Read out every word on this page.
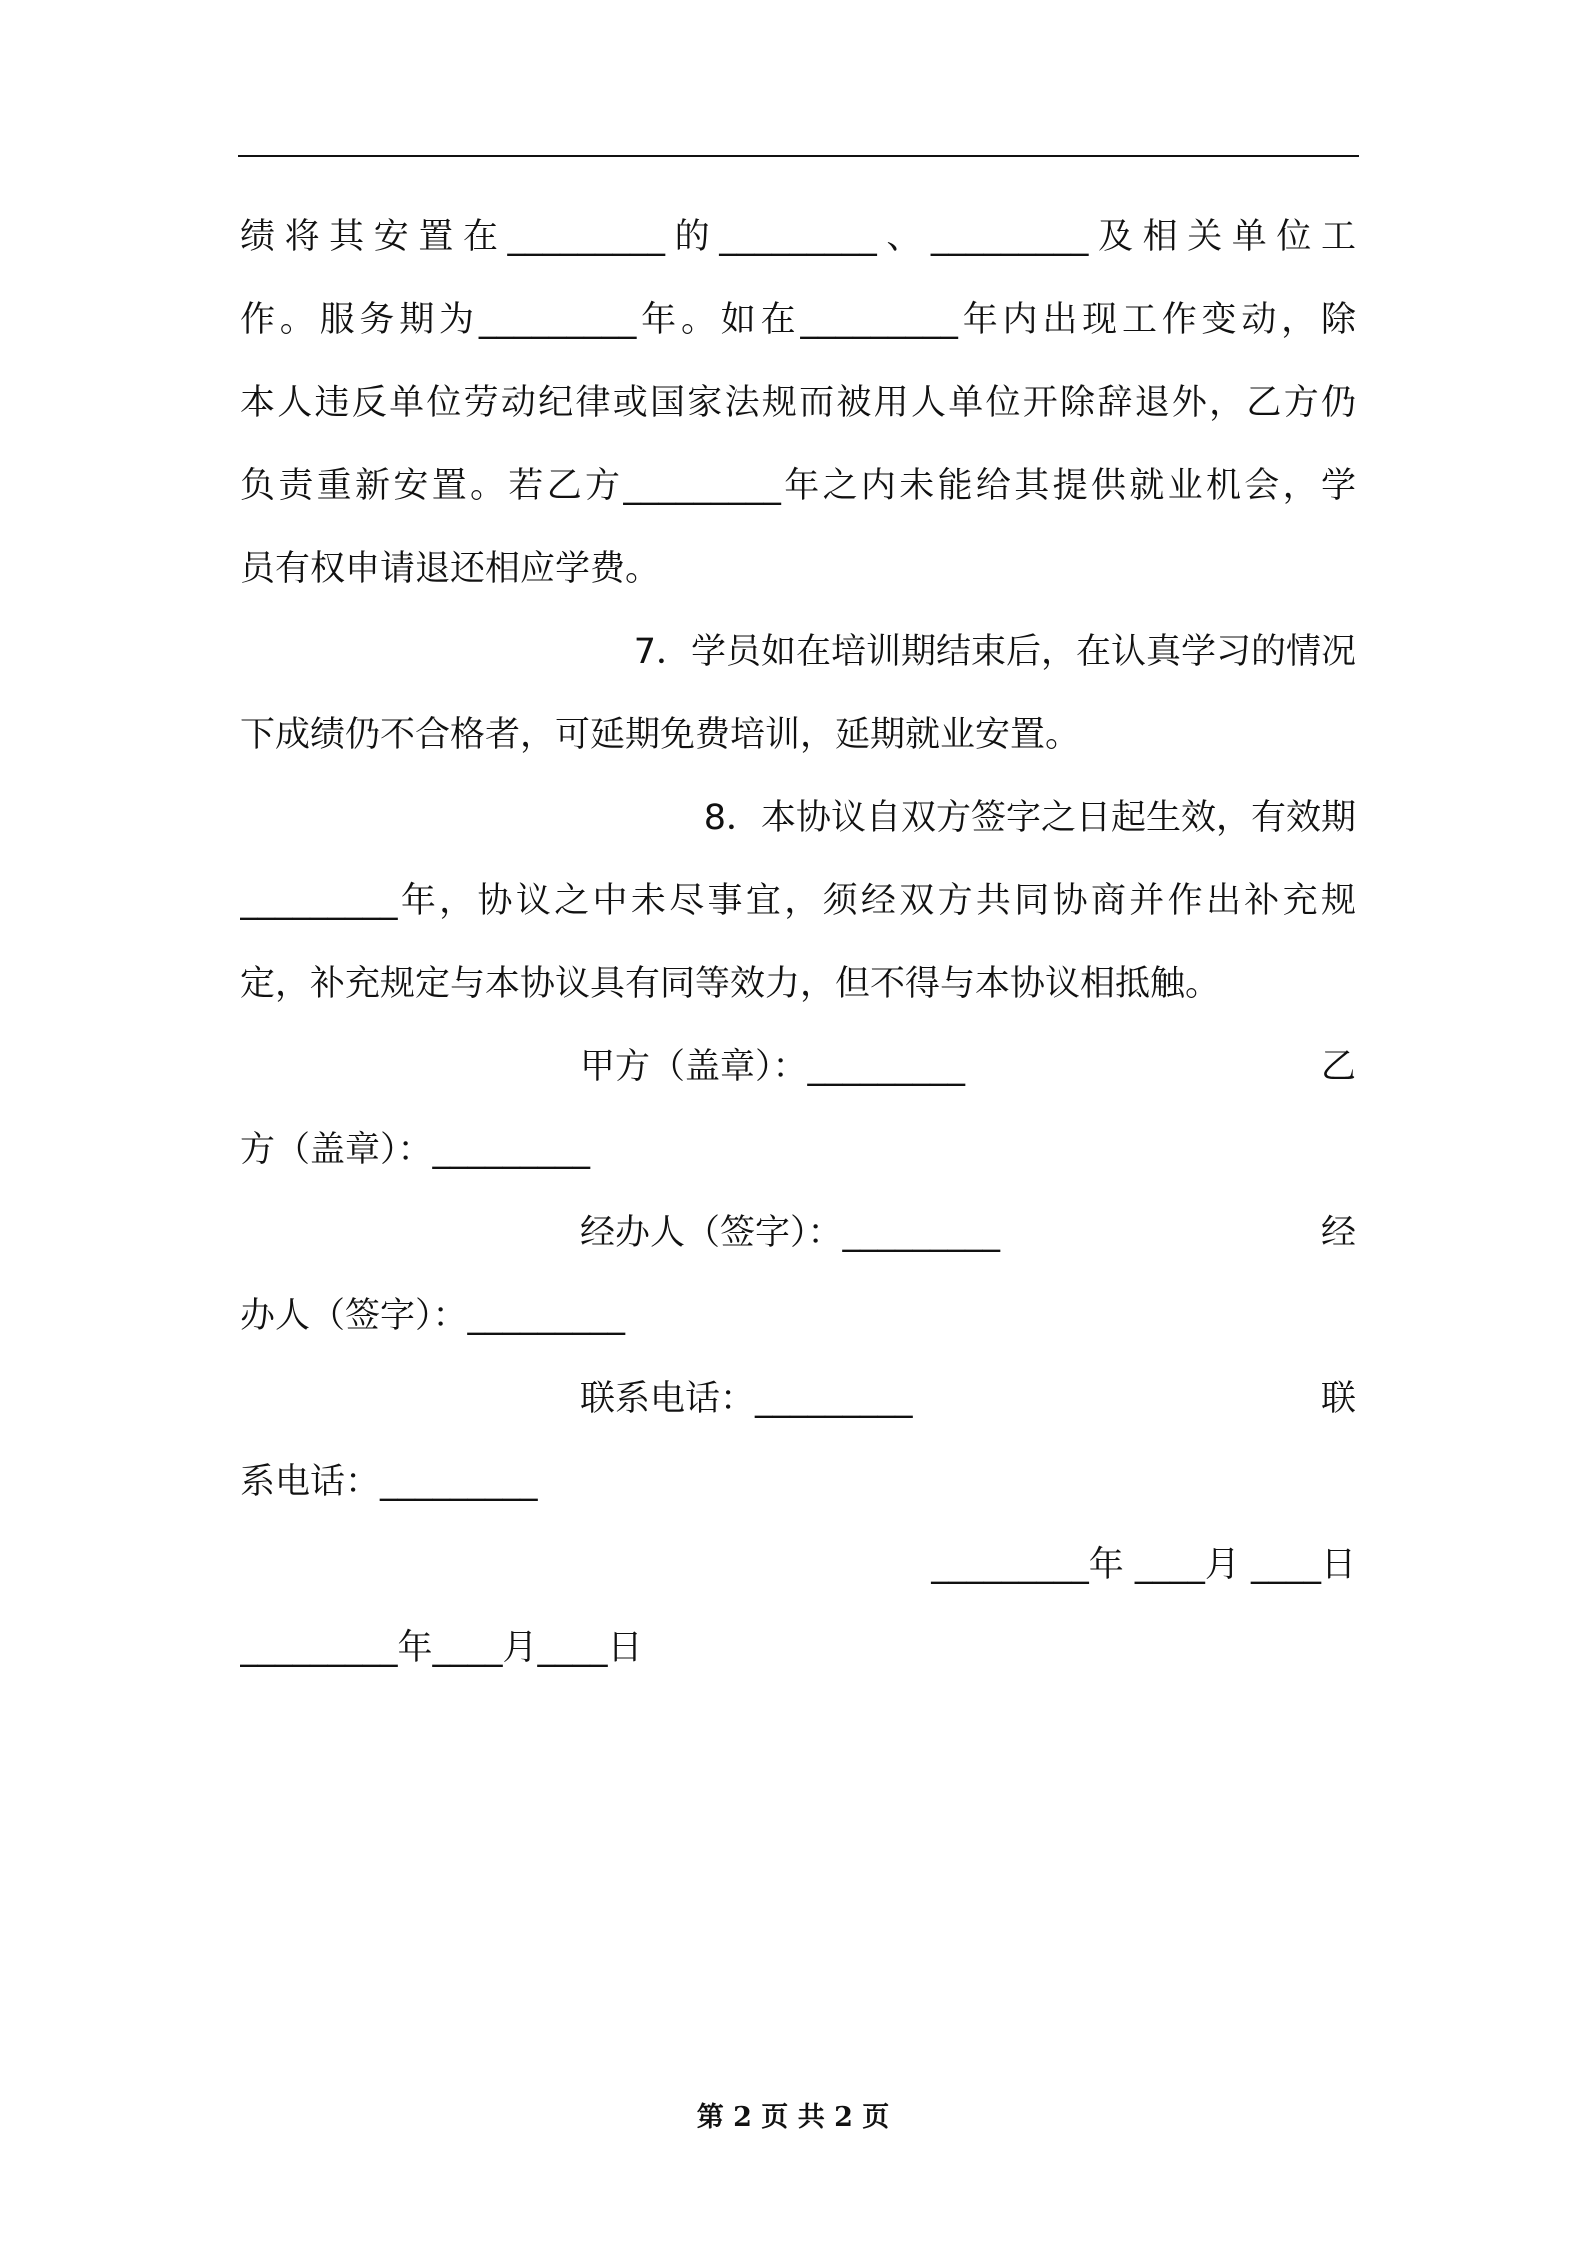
绩将其安置在_________的_________、_________及相关单位工
作。服务期为_________年。如在_________年内出现工作变动，除
本人违反单位劳动纪律或国家法规而被用人单位开除辞退外，乙方仍
负责重新安置。若乙方_________年之内未能给其提供就业机会，学
员有权申请退还相应学费。
7．学员如在培训期结束后，在认真学习的情况
下成绩仍不合格者，可延期免费培训，延期就业安置。
8．本协议自双方签字之日起生效，有效期
_________年，协议之中未尽事宜，须经双方共同协商并作出补充规
定，补充规定与本协议具有同等效力，但不得与本协议相抵触。
甲方（盖章）：_________	乙
方（盖章）：_________
经办人（签字）：_________	经
办人（签字）：_________
联系电话：_________	联
系电话：_________
_________年 ____月 ____日
_________年____月____日
第 2 页 共 2 页
